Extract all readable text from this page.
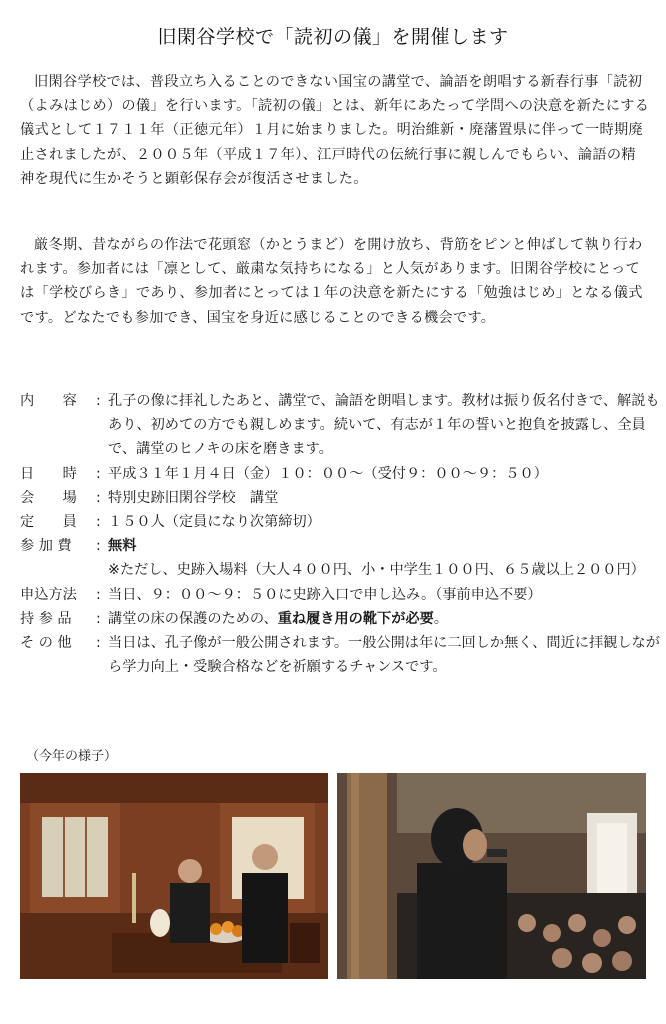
旧閑谷学校で「読初の儀」を開催します

旧閑谷学校では、普段立ち入ることのできない国宝の講堂で、論語を朗唱する新春行事「読初（よみはじめ）の儀」を行います。「読初の儀」とは、新年にあたって学問への決意を新たにする儀式として１７１１年（正徳元年）１月に始まりました。明治維新・廃藩置県に伴って一時期廃止されましたが、２００５年（平成１７年）、江戸時代の伝統行事に親しんでもらい、論語の精神を現代に生かそうと顕彰保存会が復活させました。

厳冬期、昔ながらの作法で花頭窓（かとうまど）を開け放ち、背筋をピンと伸ばして執り行われます。参加者には「凛として、厳粛な気持ちになる」と人気があります。旧閑谷学校にとっては「学校びらき」であり、参加者にとっては１年の決意を新たにする「勉強はじめ」となる儀式です。どなたでも参加でき、国宝を身近に感じることのできる機会です。

内　　容	: 孔子の像に拝礼したあと、講堂で、論語を朗唱します。教材は振り仮名付きで、解説もあり、初めての方でも親しめます。続いて、有志が１年の誓いと抱負を披露し、全員で、講堂のヒノキの床を磨きます。
日　　時	: 平成３１年１月４日（金）１０：００～（受付９：００～９：５０）
会　　場	: 特別史跡旧閑谷学校　講堂
定　　員	: １５０人（定員になり次第締切）
参 加 費	: 無料
※ただし、史跡入場料（大人４００円、小・中学生１００円、６５歳以上２００円）
申込方法	: 当日、９：００～９：５０に史跡入口で申し込み。（事前申込不要）
持 参 品	: 講堂の床の保護のための、重ね履き用の靴下が必要。
そ の 他	: 当日は、孔子像が一般公開されます。一般公開は年に二回しか無く、間近に拝観しながら学力向上・受験合格などを祈願するチャンスです。
（今年の様子）
